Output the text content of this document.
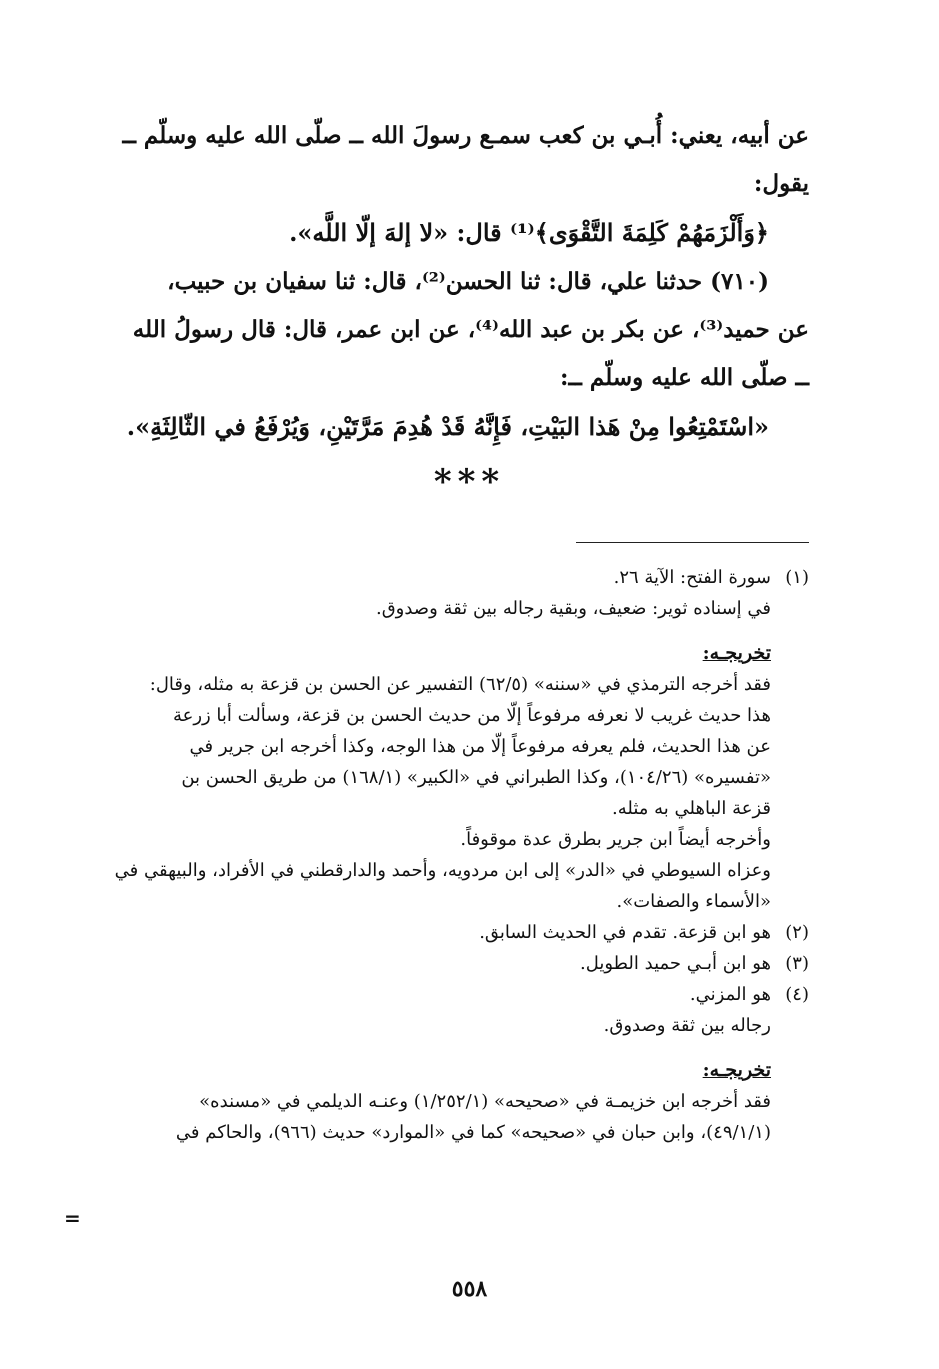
عن أبيه، يعني: أُبـي بن كعب سمـع رسولَ الله ــ صلّى الله عليه وسلّم ــ
يقول:
﴿وَأَلْزَمَهُمْ كَلِمَةَ التَّقْوَى﴾⁽¹⁾ قال: «لا إلهَ إلّا اللَّه».
(٧١٠) حدثنا علي، قال: ثنا الحسن⁽²⁾، قال: ثنا سفيان بن حبيب،
عن حميد⁽³⁾، عن بكر بن عبد الله⁽⁴⁾، عن ابن عمر، قال: قال رسولُ الله
ــ صلّى الله عليه وسلّم ــ:
«اسْتَمْتِعُوا مِنْ هَذا البَيْتِ، فَإِنَّهُ قَدْ هُدِمَ مَرَّتَيْنِ، وَيُرْفَعُ في الثّالِثَةِ».
***
(١)سورة الفتح: الآية ٢٦.
في إسناده ثوير: ضعيف، وبقية رجاله بين ثقة وصدوق.
تخريجـه:
فقد أخرجه الترمذي في «سننه» (٦٢/٥) التفسير عن الحسن بن قزعة به مثله، وقال:
هذا حديث غريب لا نعرفه مرفوعاً إلّا من حديث الحسن بن قزعة، وسألت أبا زرعة
عن هذا الحديث، فلم يعرفه مرفوعاً إلّا من هذا الوجه، وكذا أخرجه ابن جرير في
«تفسيره» (١٠٤/٢٦)، وكذا الطبراني في «الكبير» (١٦٨/١) من طريق الحسن بن
قزعة الباهلي به مثله.
وأخرجه أيضاً ابن جرير بطرق عدة موقوفاً.
وعزاه السيوطي في «الدر» إلى ابن مردويه، وأحمد والدارقطني في الأفراد، والبيهقي في
«الأسماء والصفات».
(٢)هو ابن قزعة. تقدم في الحديث السابق.
(٣)هو ابن أبـي حميد الطويل.
(٤)هو المزني.
رجاله بين ثقة وصدوق.
تخريجـه:
فقد أخرجه ابن خزيمـة في «صحيحه» (١/٢٥٢/١) وعنـه الديلمي في «مسنده»
(٤٩/١/١)، وابن حبان في «صحيحه» كما في «الموارد» حديث (٩٦٦)، والحاكم في
=
٥٥٨
